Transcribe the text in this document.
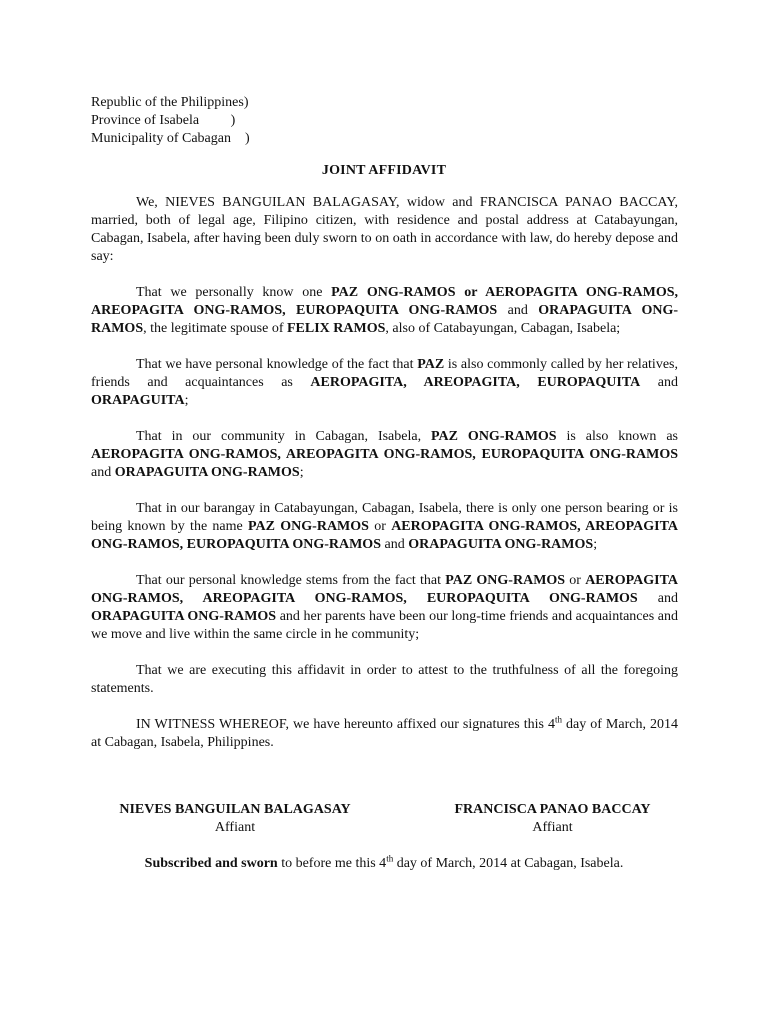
Republic of the Philippines)
Province of Isabela         )
Municipality of Cabagan    )
JOINT AFFIDAVIT

We, NIEVES BANGUILAN BALAGASAY, widow and FRANCISCA PANAO BACCAY, married, both of legal age, Filipino citizen, with residence and postal address at Catabayungan, Cabagan, Isabela, after having been duly sworn to on oath in accordance with law, do hereby depose and say:

That we personally know one PAZ ONG-RAMOS or AEROPAGITA ONG-RAMOS, AREOPAGITA ONG-RAMOS, EUROPAQUITA ONG-RAMOS and ORAPAGUITA ONG-RAMOS, the legitimate spouse of FELIX RAMOS, also of Catabayungan, Cabagan, Isabela;

That we have personal knowledge of the fact that PAZ is also commonly called by her relatives, friends and acquaintances as AEROPAGITA, AREOPAGITA, EUROPAQUITA and ORAPAGUITA;

That in our community in Cabagan, Isabela, PAZ ONG-RAMOS is also known as AEROPAGITA ONG-RAMOS, AREOPAGITA ONG-RAMOS, EUROPAQUITA ONG-RAMOS and ORAPAGUITA ONG-RAMOS;

That in our barangay in Catabayungan, Cabagan, Isabela, there is only one person bearing or is being known by the name PAZ ONG-RAMOS or AEROPAGITA ONG-RAMOS, AREOPAGITA ONG-RAMOS, EUROPAQUITA ONG-RAMOS and ORAPAGUITA ONG-RAMOS;

That our personal knowledge stems from the fact that PAZ ONG-RAMOS or AEROPAGITA ONG-RAMOS, AREOPAGITA ONG-RAMOS, EUROPAQUITA ONG-RAMOS and ORAPAGUITA ONG-RAMOS and her parents have been our long-time friends and acquaintances and we move and live within the same circle in he community;

That we are executing this affidavit in order to attest to the truthfulness of all the foregoing statements.

IN WITNESS WHEREOF, we have hereunto affixed our signatures this 4th day of March, 2014 at Cabagan, Isabela, Philippines.

NIEVES BANGUILAN BALAGASAY
Affiant
FRANCISCA PANAO BACCAY
Affiant
Subscribed and sworn to before me this 4th day of March, 2014 at Cabagan, Isabela.
